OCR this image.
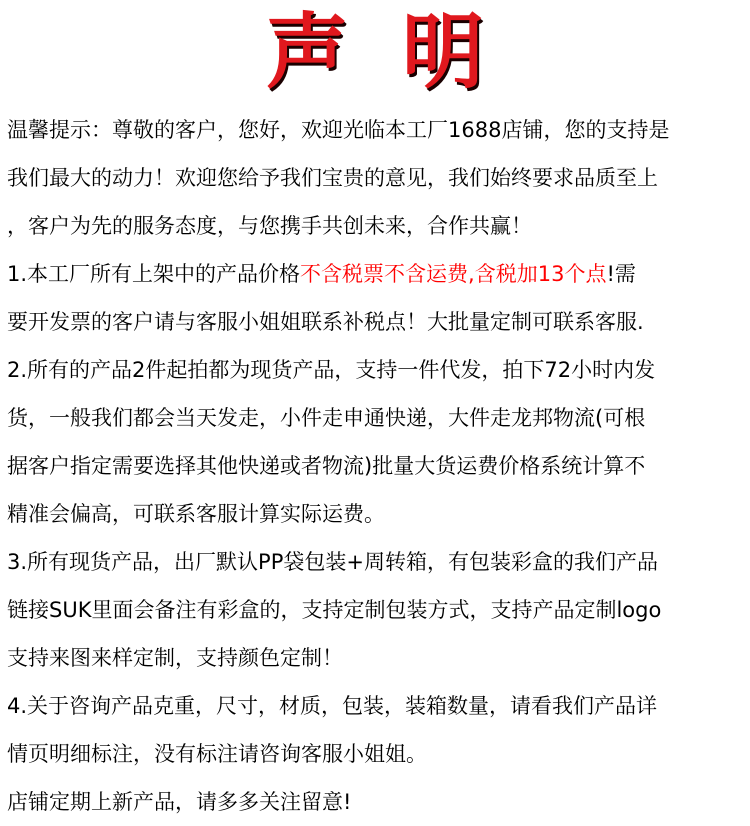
声明
温馨提示：尊敬的客户，您好，欢迎光临本工厂1688店铺，您的支持是
我们最大的动力！欢迎您给予我们宝贵的意见，我们始终要求品质至上
，客户为先的服务态度，与您携手共创未来，合作共赢！
1.本工厂所有上架中的产品价格不含税票不含运费,含税加13个点!需
要开发票的客户请与客服小姐姐联系补税点！大批量定制可联系客服.
2.所有的产品2件起拍都为现货产品，支持一件代发，拍下72小时内发
货，一般我们都会当天发走，小件走申通快递，大件走龙邦物流(可根
据客户指定需要选择其他快递或者物流)批量大货运费价格系统计算不
精准会偏高，可联系客服计算实际运费。
3.所有现货产品，出厂默认PP袋包装+周转箱，有包装彩盒的我们产品
链接SUK里面会备注有彩盒的，支持定制包装方式，支持产品定制logo
支持来图来样定制，支持颜色定制！
4.关于咨询产品克重，尺寸，材质，包装，装箱数量，请看我们产品详
情页明细标注，没有标注请咨询客服小姐姐。
店铺定期上新产品，请多多关注留意!
